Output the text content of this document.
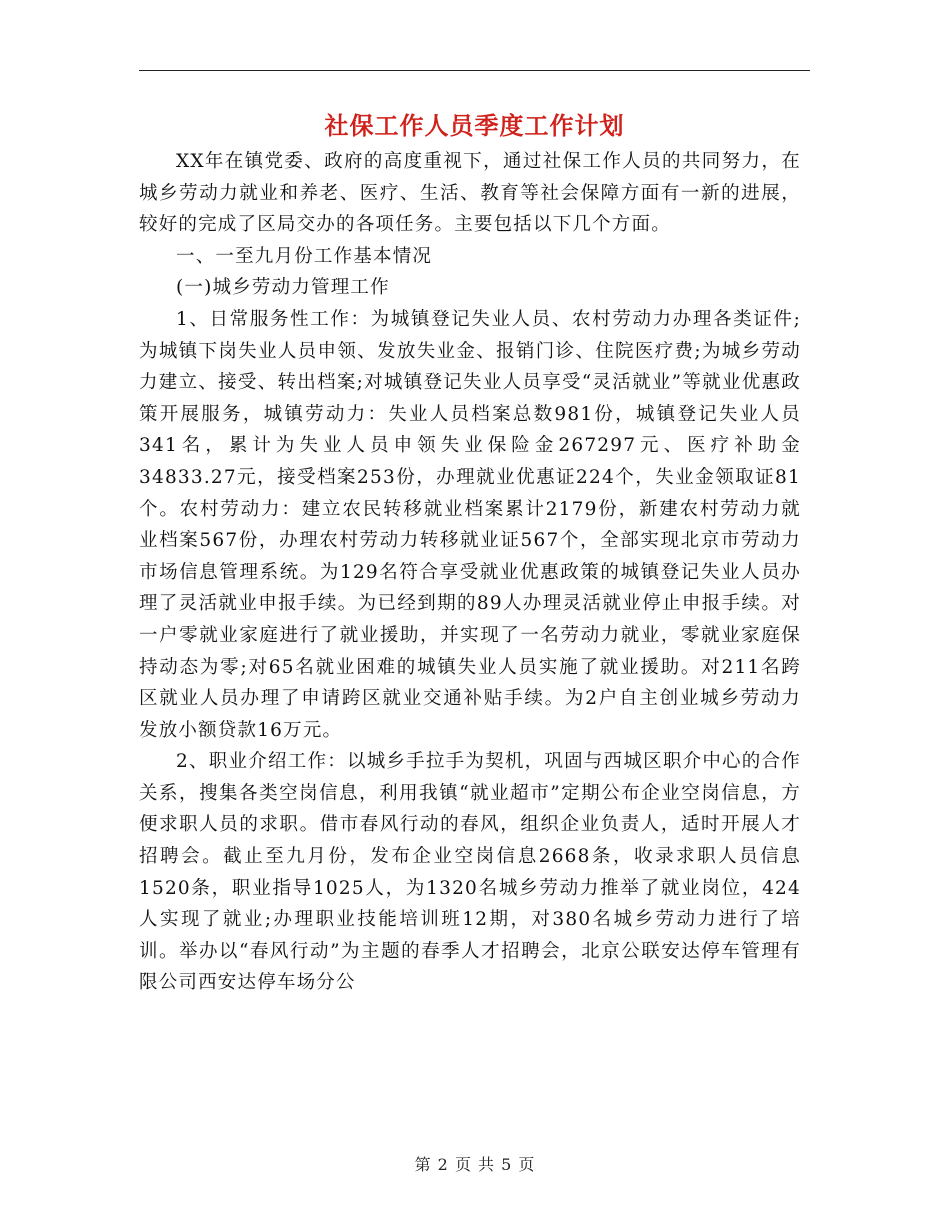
社保工作人员季度工作计划

XX年在镇党委、政府的高度重视下，通过社保工作人员的共同努力，在城乡劳动力就业和养老、医疗、生活、教育等社会保障方面有一新的进展，较好的完成了区局交办的各项任务。主要包括以下几个方面。

一、一至九月份工作基本情况

(一)城乡劳动力管理工作

1、日常服务性工作：为城镇登记失业人员、农村劳动力办理各类证件;为城镇下岗失业人员申领、发放失业金、报销门诊、住院医疗费;为城乡劳动力建立、接受、转出档案;对城镇登记失业人员享受“灵活就业”等就业优惠政策开展服务，城镇劳动力：失业人员档案总数981份，城镇登记失业人员341名，累计为失业人员申领失业保险金267297元、医疗补助金34833.27元，接受档案253份，办理就业优惠证224个，失业金领取证81个。农村劳动力：建立农民转移就业档案累计2179份，新建农村劳动力就业档案567份，办理农村劳动力转移就业证567个，全部实现北京市劳动力市场信息管理系统。为129名符合享受就业优惠政策的城镇登记失业人员办理了灵活就业申报手续。为已经到期的89人办理灵活就业停止申报手续。对一户零就业家庭进行了就业援助，并实现了一名劳动力就业，零就业家庭保持动态为零;对65名就业困难的城镇失业人员实施了就业援助。对211名跨区就业人员办理了申请跨区就业交通补贴手续。为2户自主创业城乡劳动力发放小额贷款16万元。

2、职业介绍工作：以城乡手拉手为契机，巩固与西城区职介中心的合作关系，搜集各类空岗信息，利用我镇“就业超市”定期公布企业空岗信息，方便求职人员的求职。借市春风行动的春风，组织企业负责人，适时开展人才招聘会。截止至九月份，发布企业空岗信息2668条，收录求职人员信息1520条，职业指导1025人，为1320名城乡劳动力推举了就业岗位，424人实现了就业;办理职业技能培训班12期，对380名城乡劳动力进行了培训。举办以“春风行动”为主题的春季人才招聘会，北京公联安达停车管理有限公司西安达停车场分公

第 2 页 共 5 页
